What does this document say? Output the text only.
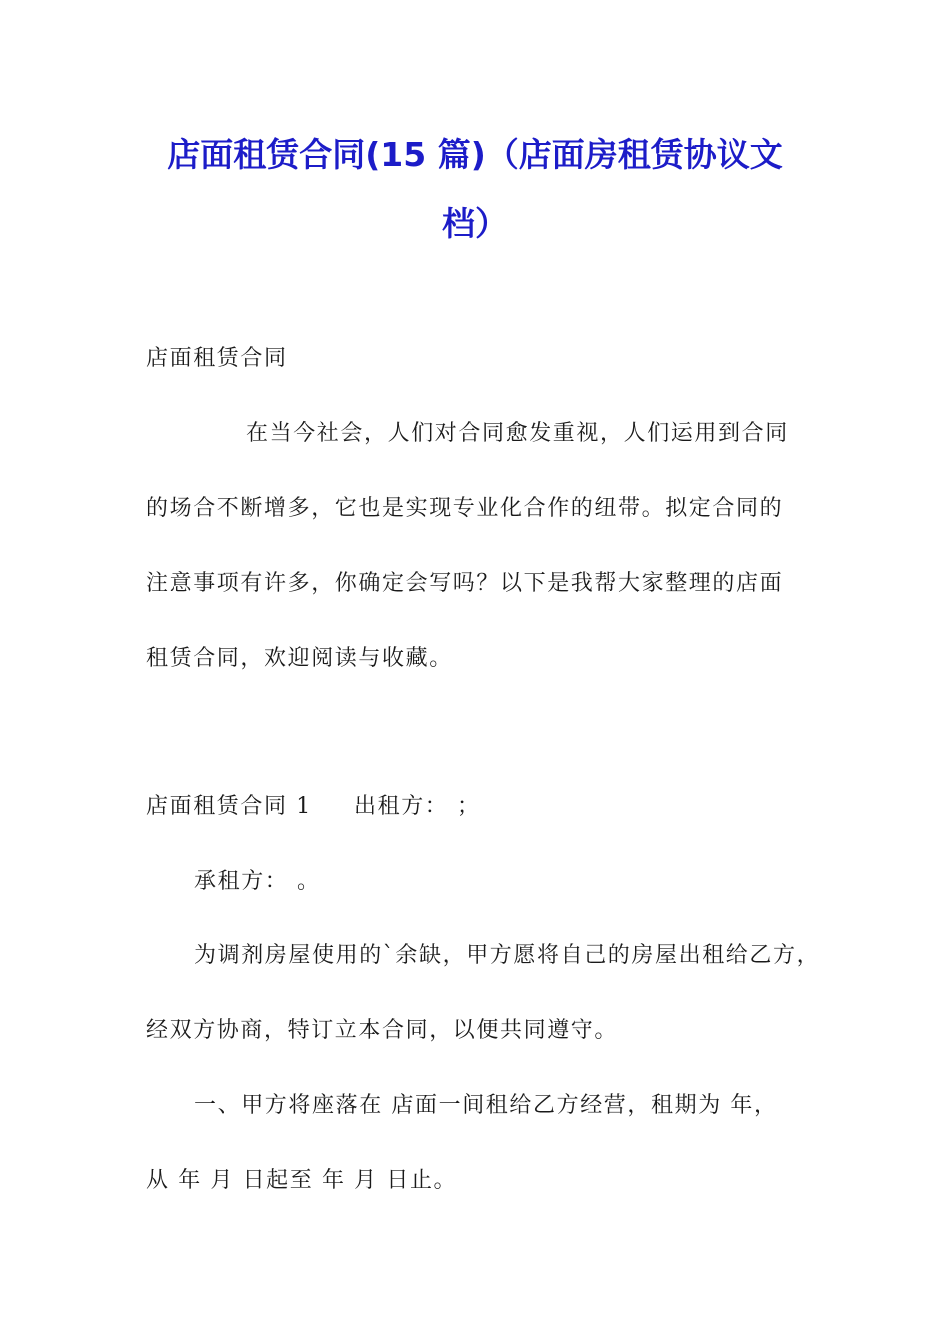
店面租赁合同(15 篇)（店面房租赁协议文
档）
店面租赁合同
在当今社会，人们对合同愈发重视，人们运用到合同
的场合不断增多，它也是实现专业化合作的纽带。拟定合同的
注意事项有许多，你确定会写吗？以下是我帮大家整理的店面
租赁合同，欢迎阅读与收藏。
店面租赁合同 1 出租方： ；
承租方： 。
为调剂房屋使用的`余缺，甲方愿将自己的房屋出租给乙方，
经双方协商，特订立本合同，以便共同遵守。
一、甲方将座落在 店面一间租给乙方经营，租期为 年，
从 年 月 日起至 年 月 日止。
